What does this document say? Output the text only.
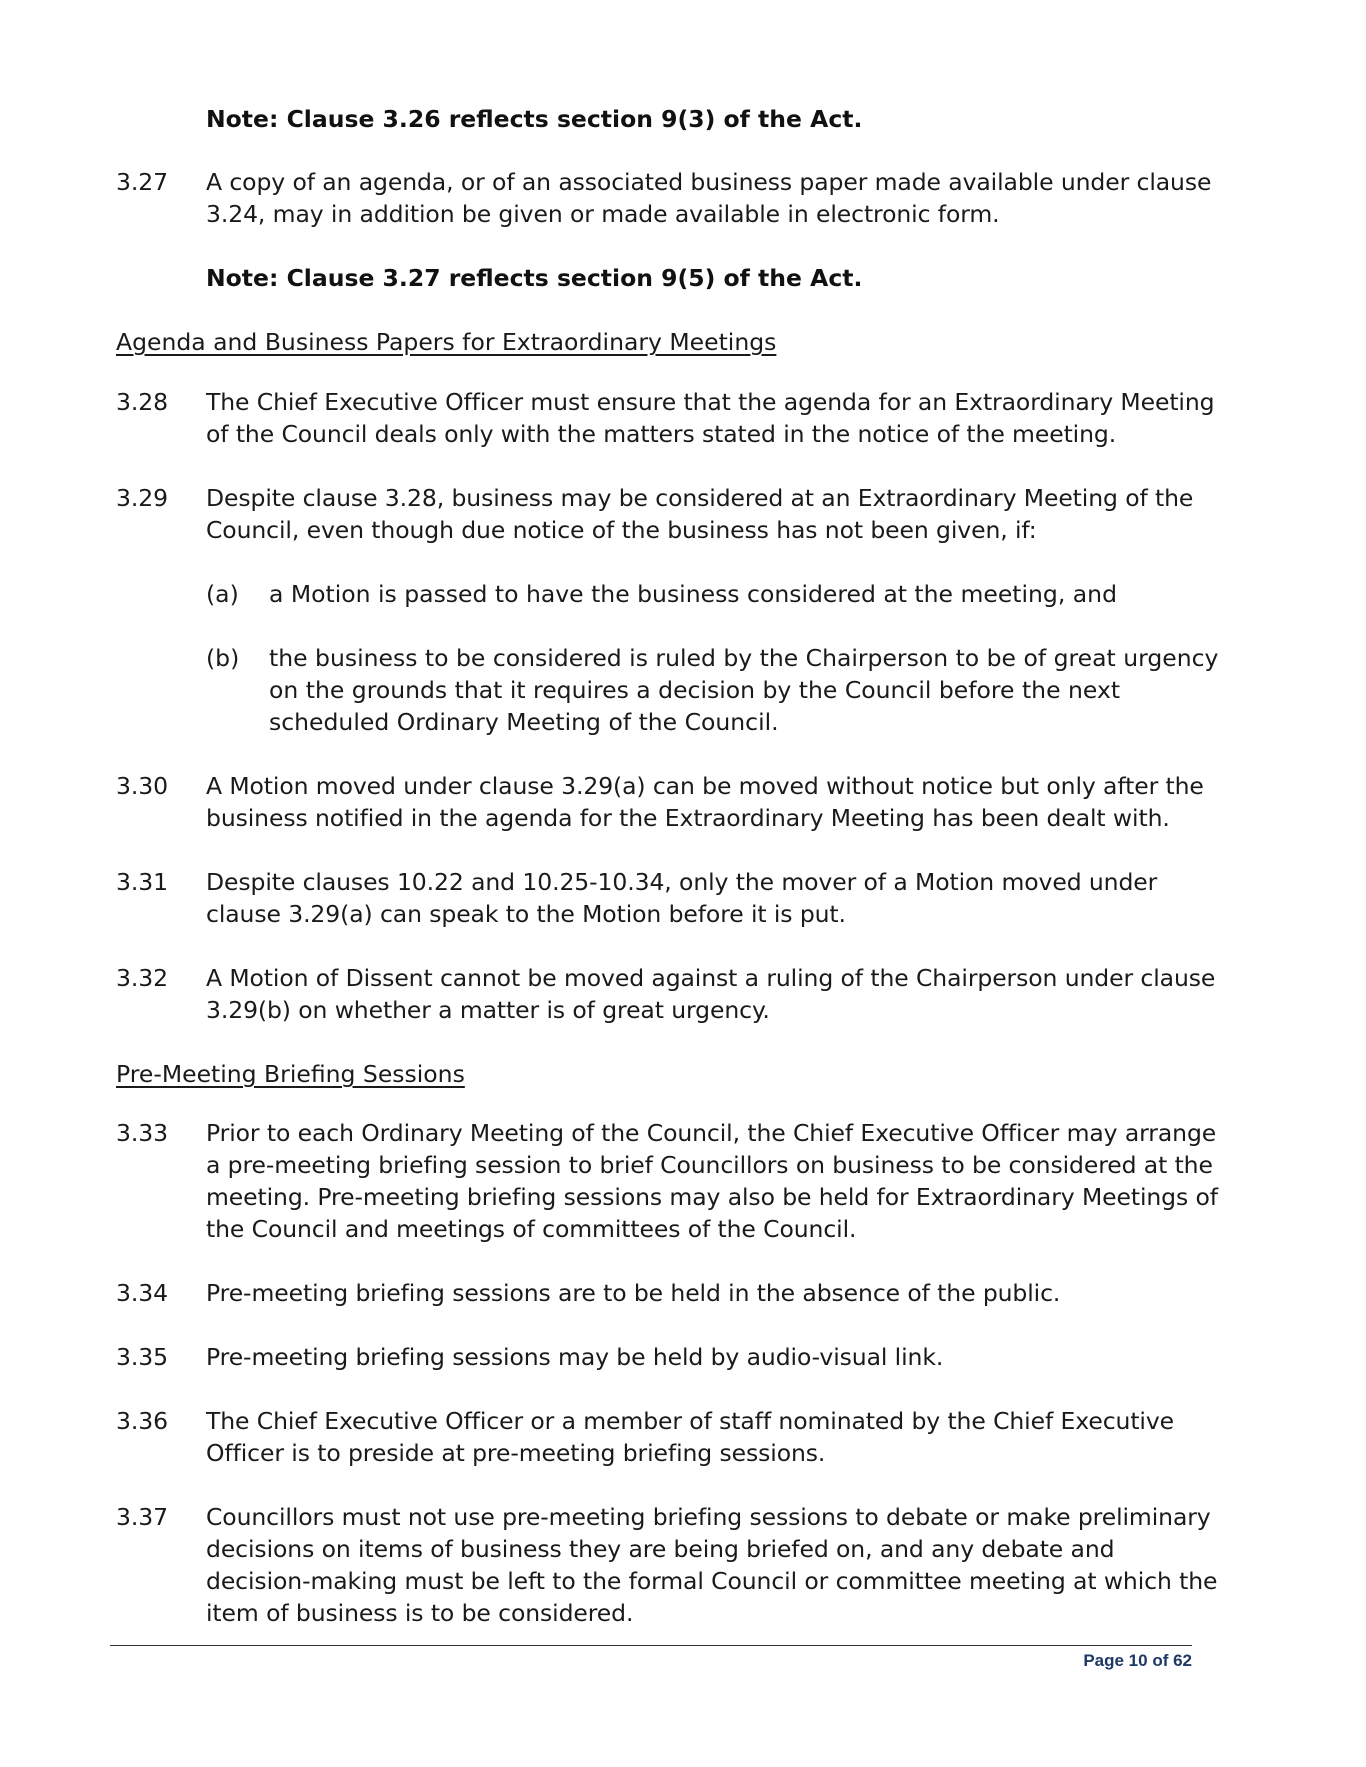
Note: Clause 3.26 reflects section 9(3) of the Act.
3.27	A copy of an agenda, or of an associated business paper made available under clause 3.24, may in addition be given or made available in electronic form.
Note: Clause 3.27 reflects section 9(5) of the Act.
Agenda and Business Papers for Extraordinary Meetings
3.28	The Chief Executive Officer must ensure that the agenda for an Extraordinary Meeting of the Council deals only with the matters stated in the notice of the meeting.
3.29	Despite clause 3.28, business may be considered at an Extraordinary Meeting of the Council, even though due notice of the business has not been given, if:
(a)	a Motion is passed to have the business considered at the meeting, and
(b)	the business to be considered is ruled by the Chairperson to be of great urgency on the grounds that it requires a decision by the Council before the next scheduled Ordinary Meeting of the Council.
3.30	A Motion moved under clause 3.29(a) can be moved without notice but only after the business notified in the agenda for the Extraordinary Meeting has been dealt with.
3.31	Despite clauses 10.22 and 10.25-10.34, only the mover of a Motion moved under clause 3.29(a) can speak to the Motion before it is put.
3.32	A Motion of Dissent cannot be moved against a ruling of the Chairperson under clause 3.29(b) on whether a matter is of great urgency.
Pre-Meeting Briefing Sessions
3.33	Prior to each Ordinary Meeting of the Council, the Chief Executive Officer may arrange a pre-meeting briefing session to brief Councillors on business to be considered at the meeting. Pre-meeting briefing sessions may also be held for Extraordinary Meetings of the Council and meetings of committees of the Council.
3.34	Pre-meeting briefing sessions are to be held in the absence of the public.
3.35	Pre-meeting briefing sessions may be held by audio-visual link.
3.36	The Chief Executive Officer or a member of staff nominated by the Chief Executive Officer is to preside at pre-meeting briefing sessions.
3.37	Councillors must not use pre-meeting briefing sessions to debate or make preliminary decisions on items of business they are being briefed on, and any debate and decision-making must be left to the formal Council or committee meeting at which the item of business is to be considered.
Page 10 of 62
